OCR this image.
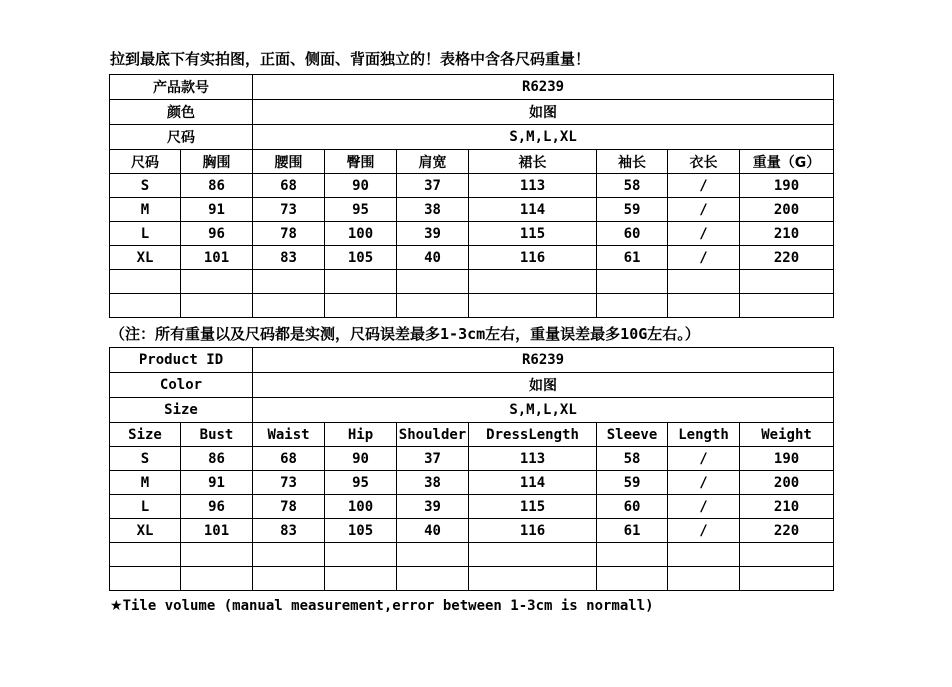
拉到最底下有实拍图，正面、侧面、背面独立的！表格中含各尺码重量！
产品款号		R6239						
颜色		如图						
尺码		S,M,L,XL						
尺码	胸围	腰围	臀围	肩宽	裙长	袖长	衣长	重量（G）
S	86	68	90	37	113	58	/	190
M	91	73	95	38	114	59	/	200
L	96	78	100	39	115	60	/	210
XL	101	83	105	40	116	61	/	220

（注：所有重量以及尺码都是实测，尺码误差最多1-3cm左右，重量误差最多10G左右。）
Product ID		R6239						
Color		如图						
Size		S,M,L,XL						
Size	Bust	Waist	Hip	Shoulder	DressLength	Sleeve	Length	Weight
S	86	68	90	37	113	58	/	190
M	91	73	95	38	114	59	/	200
L	96	78	100	39	115	60	/	210
XL	101	83	105	40	116	61	/	220

★Tile volume (manual measurement,error between 1-3cm is normall)
